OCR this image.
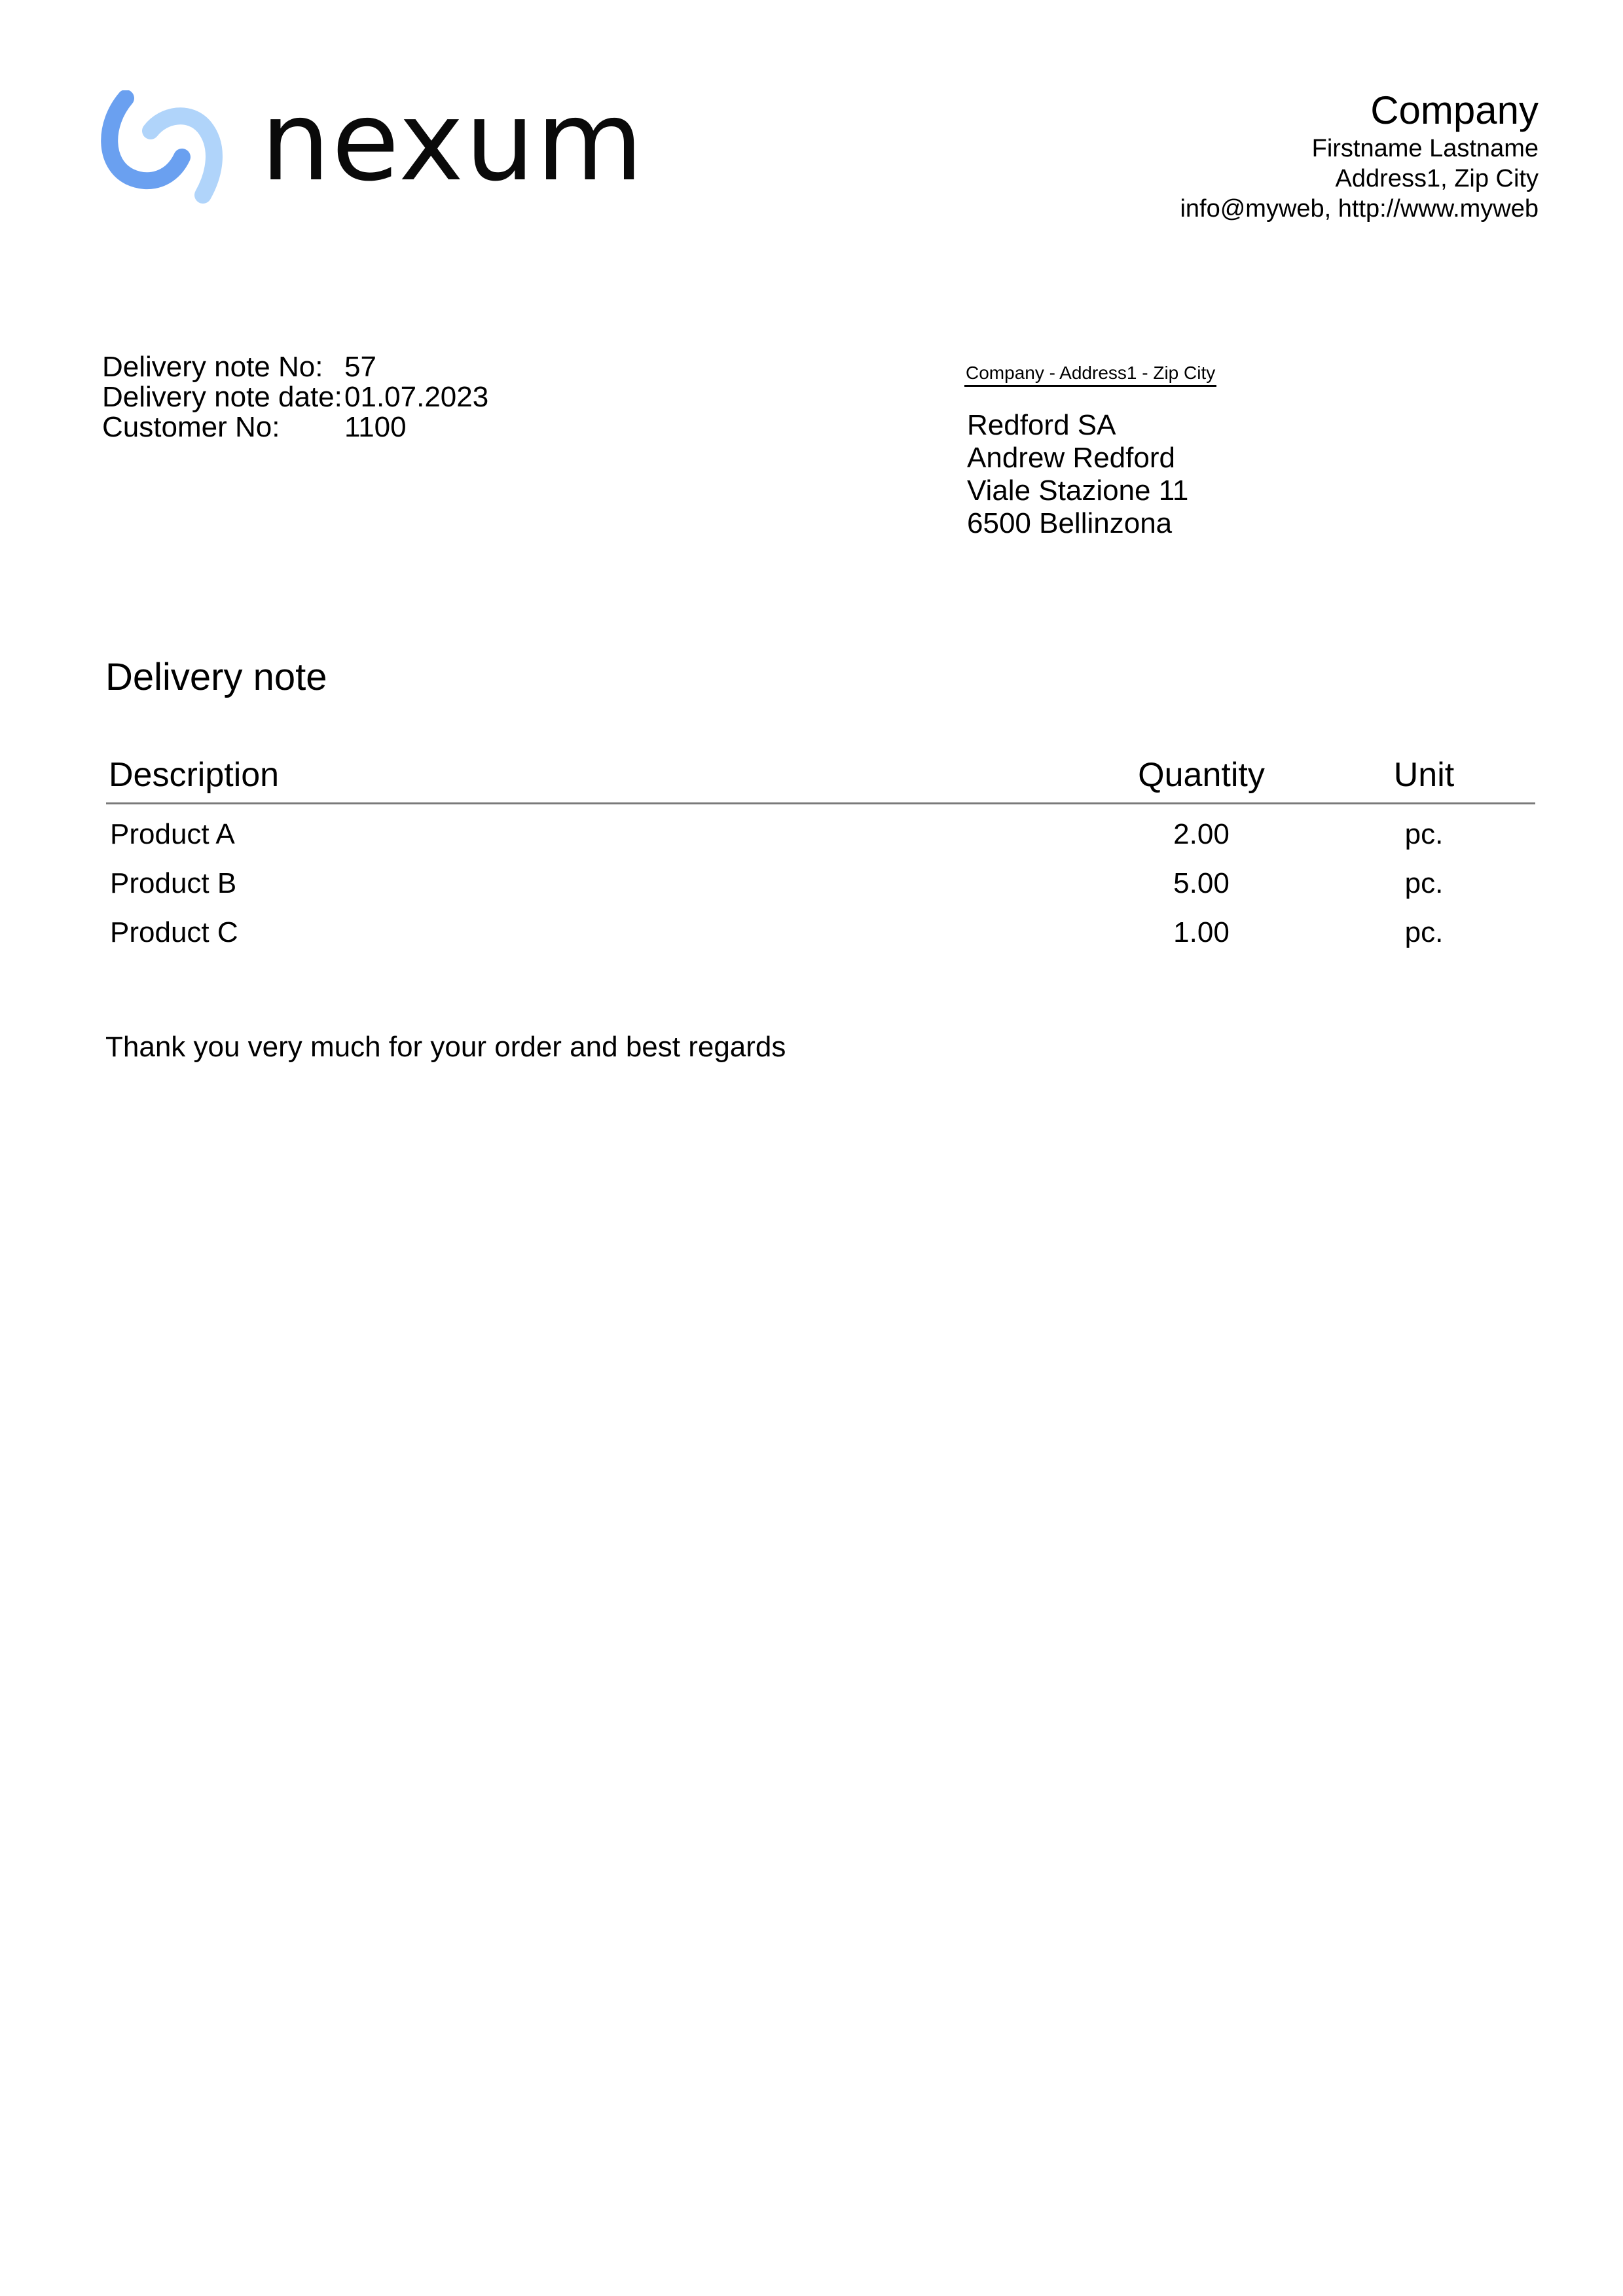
nexum	Company
Firstname Lastname
Address1, Zip City
info@myweb, http://www.myweb
Delivery note No: 57
Delivery note date: 01.07.2023
Customer No:	1100
Company - Address1 - Zip City
Redford SA
Andrew Redford
Viale Stazione 11
6500 Bellinzona
Delivery note
Description	Quantity	Unit
Product A	2.00	pc.
Product B	5.00	pc.
Product C	1.00	pc.
Thank you very much for your order and best regards
